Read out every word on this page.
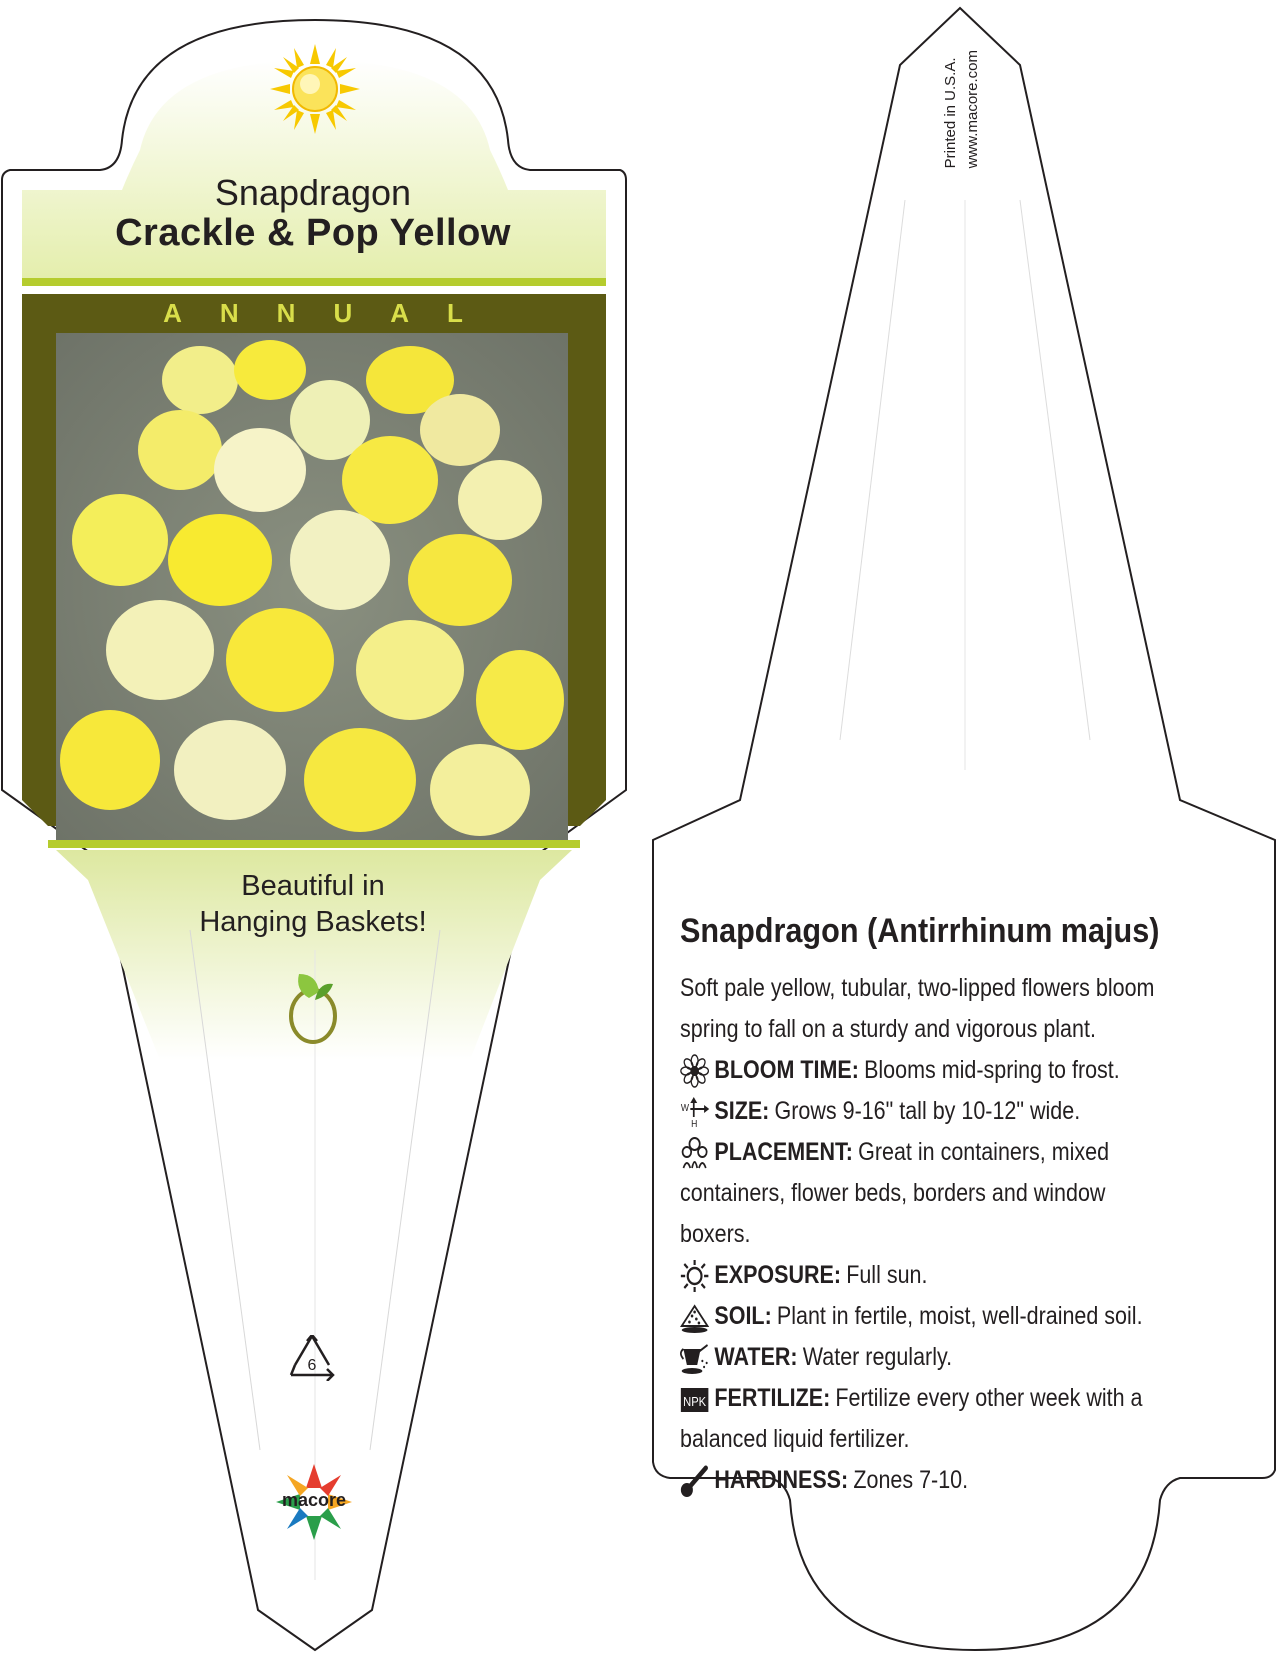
Snapdragon
Crackle & Pop Yellow
ANNUAL
Beautiful in
Hanging Baskets!
6
macore
Printed in U.S.A. www.macore.com
Snapdragon (Antirrhinum majus)
Soft pale yellow, tubular, two-lipped flowers bloom
spring to fall on a sturdy and vigorous plant.
BLOOM TIME: Blooms mid-spring to frost.
W
H SIZE: Grows 9-16" tall by 10-12" wide.
PLACEMENT: Great in containers, mixed
containers, flower beds, borders and window boxers.
EXPOSURE: Full sun.
SOIL: Plant in fertile, moist, well-drained soil.
WATER: Water regularly.
NPK FERTILIZE: Fertilize every other week with a
balanced liquid fertilizer.
HARDINESS: Zones 7-10.
